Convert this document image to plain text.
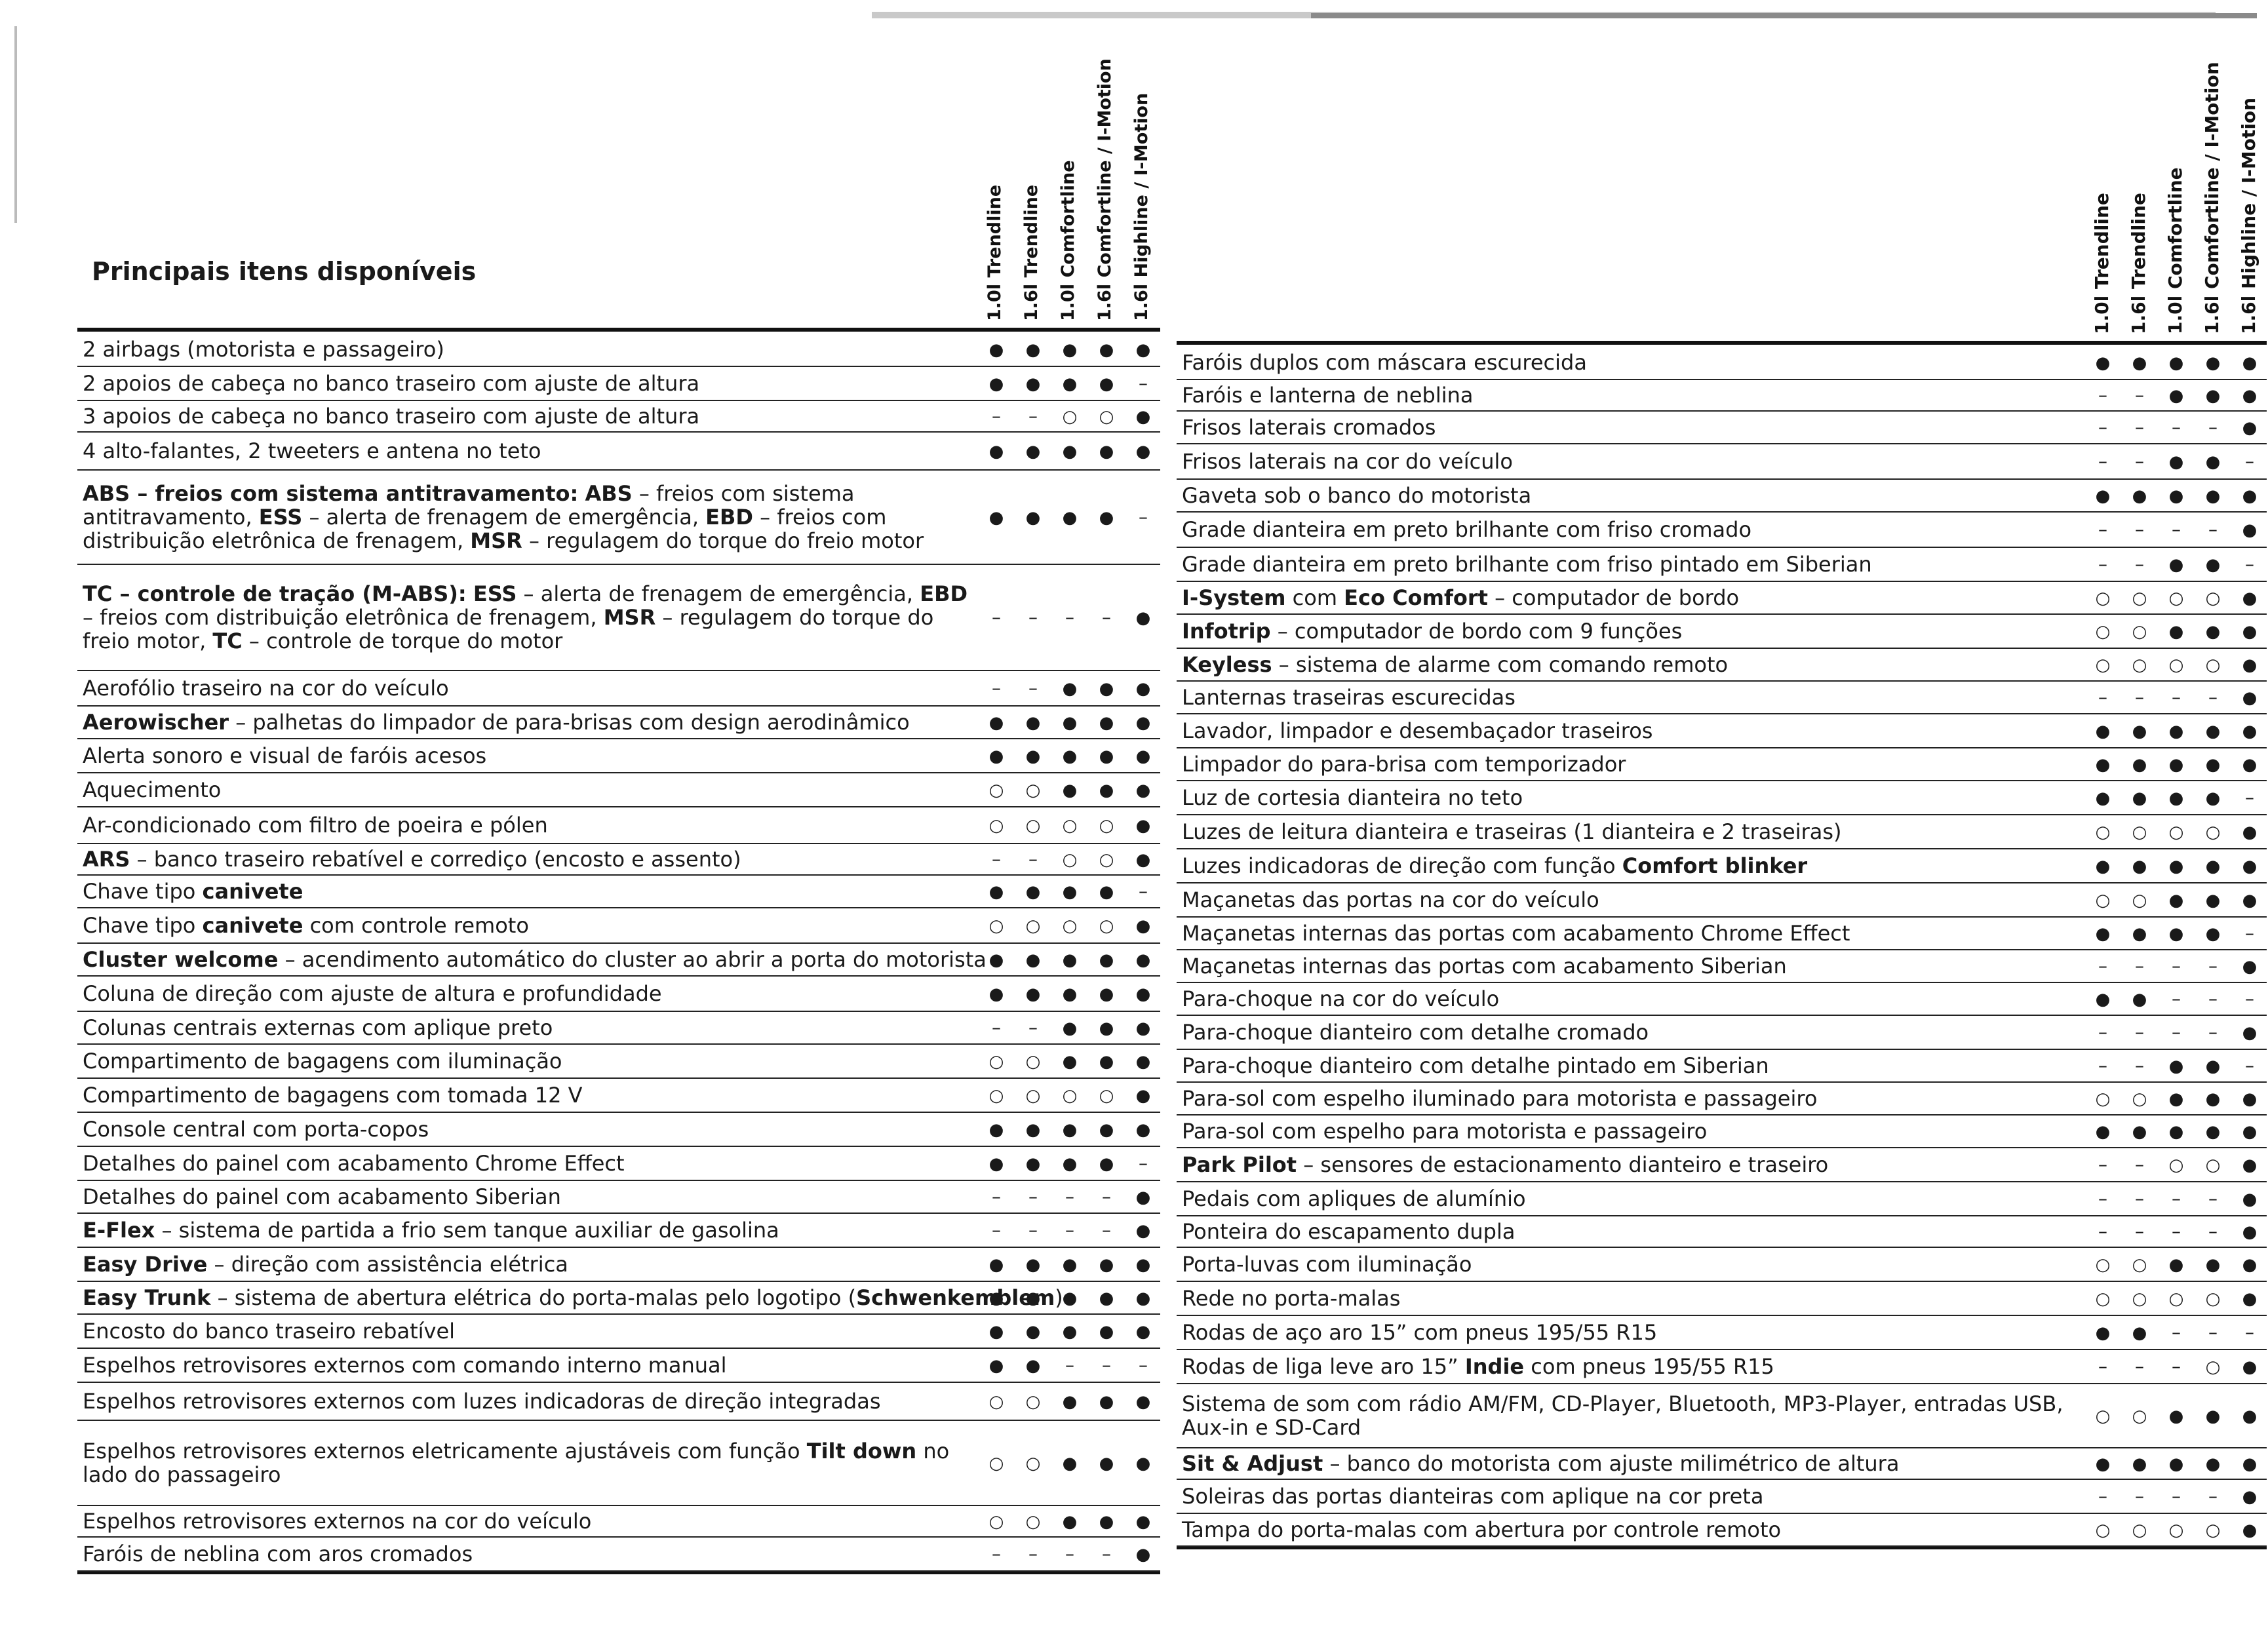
Principais itens disponíveis	1.0l Trendline 1.6l Trendline 1.0l Comfortline 1.6l Comfortline / I-Motion 1.6l Highline / I-Motion	1.0l Trendline 1.6l Trendline 1.0l Comfortline 1.6l Comfortline / I-Motion 1.6l Highline / I-Motion
2 airbags (motorista e passageiro)
●
●
●
●
●
2 apoios de cabeça no banco traseiro com ajuste de altura
●
●
●
●
–
3 apoios de cabeça no banco traseiro com ajuste de altura
–
–
○
○
●
4 alto-falantes, 2 tweeters e antena no teto
●
●
●
●
●
ABS – freios com sistema antitravamento: ABS – freios com sistema antitravamento, ESS – alerta de frenagem de emergência, EBD – freios com distribuição eletrônica de frenagem, MSR – regulagem do torque do freio motor
●
●
●
●
–
TC – controle de tração (M-ABS): ESS – alerta de frenagem de emergência, EBD – freios com distribuição eletrônica de frenagem, MSR – regulagem do torque do freio motor, TC – controle de torque do motor
–
–
–
–
●
Aerofólio traseiro na cor do veículo
–
–
●
●
●
Aerowischer – palhetas do limpador de para-brisas com design aerodinâmico
●
●
●
●
●
Alerta sonoro e visual de faróis acesos
●
●
●
●
●
Aquecimento
○
○
●
●
●
Ar-condicionado com filtro de poeira e pólen
○
○
○
○
●
ARS – banco traseiro rebatível e corrediço (encosto e assento)
–
–
○
○
●
Chave tipo canivete
●
●
●
●
–
Chave tipo canivete com controle remoto
○
○
○
○
●
Cluster welcome – acendimento automático do cluster ao abrir a porta do motorista
●
●
●
●
●
Coluna de direção com ajuste de altura e profundidade
●
●
●
●
●
Colunas centrais externas com aplique preto
–
–
●
●
●
Compartimento de bagagens com iluminação
○
○
●
●
●
Compartimento de bagagens com tomada 12 V
○
○
○
○
●
Console central com porta-copos
●
●
●
●
●
Detalhes do painel com acabamento Chrome Effect
●
●
●
●
–
Detalhes do painel com acabamento Siberian
–
–
–
–
●
E-Flex – sistema de partida a frio sem tanque auxiliar de gasolina
–
–
–
–
●
Easy Drive – direção com assistência elétrica
●
●
●
●
●
Easy Trunk – sistema de abertura elétrica do porta-malas pelo logotipo (Schwenkemblem)
●
●
●
●
●
Encosto do banco traseiro rebatível
●
●
●
●
●
Espelhos retrovisores externos com comando interno manual
●
●
–
–
–
Espelhos retrovisores externos com luzes indicadoras de direção integradas
○
○
●
●
●
Espelhos retrovisores externos eletricamente ajustáveis com função Tilt down no lado do passageiro
○
○
●
●
●
Espelhos retrovisores externos na cor do veículo
○
○
●
●
●
Faróis de neblina com aros cromados
–
–
–
–
●
Faróis duplos com máscara escurecida
●
●
●
●
●
Faróis e lanterna de neblina
–
–
●
●
●
Frisos laterais cromados
–
–
–
–
●
Frisos laterais na cor do veículo
–
–
●
●
–
Gaveta sob o banco do motorista
●
●
●
●
●
Grade dianteira em preto brilhante com friso cromado
–
–
–
–
●
Grade dianteira em preto brilhante com friso pintado em Siberian
–
–
●
●
–
I-System com Eco Comfort – computador de bordo
○
○
○
○
●
Infotrip – computador de bordo com 9 funções
○
○
●
●
●
Keyless – sistema de alarme com comando remoto
○
○
○
○
●
Lanternas traseiras escurecidas
–
–
–
–
●
Lavador, limpador e desembaçador traseiros
●
●
●
●
●
Limpador do para-brisa com temporizador
●
●
●
●
●
Luz de cortesia dianteira no teto
●
●
●
●
–
Luzes de leitura dianteira e traseiras (1 dianteira e 2 traseiras)
○
○
○
○
●
Luzes indicadoras de direção com função Comfort blinker
●
●
●
●
●
Maçanetas das portas na cor do veículo
○
○
●
●
●
Maçanetas internas das portas com acabamento Chrome Effect
●
●
●
●
–
Maçanetas internas das portas com acabamento Siberian
–
–
–
–
●
Para-choque na cor do veículo
●
●
–
–
–
Para-choque dianteiro com detalhe cromado
–
–
–
–
●
Para-choque dianteiro com detalhe pintado em Siberian
–
–
●
●
–
Para-sol com espelho iluminado para motorista e passageiro
○
○
●
●
●
Para-sol com espelho para motorista e passageiro
●
●
●
●
●
Park Pilot – sensores de estacionamento dianteiro e traseiro
–
–
○
○
●
Pedais com apliques de alumínio
–
–
–
–
●
Ponteira do escapamento dupla
–
–
–
–
●
Porta-luvas com iluminação
○
○
●
●
●
Rede no porta-malas
○
○
○
○
●
Rodas de aço aro 15” com pneus 195/55 R15
●
●
–
–
–
Rodas de liga leve aro 15” Indie com pneus 195/55 R15
–
–
–
○
●
Sistema de som com rádio AM/FM, CD-Player, Bluetooth, MP3-Player, entradas USB, Aux-in e SD-Card
○
○
●
●
●
Sit & Adjust – banco do motorista com ajuste milimétrico de altura
●
●
●
●
●
Soleiras das portas dianteiras com aplique na cor preta
–
–
–
–
●
Tampa do porta-malas com abertura por controle remoto
○
○
○
○
●
